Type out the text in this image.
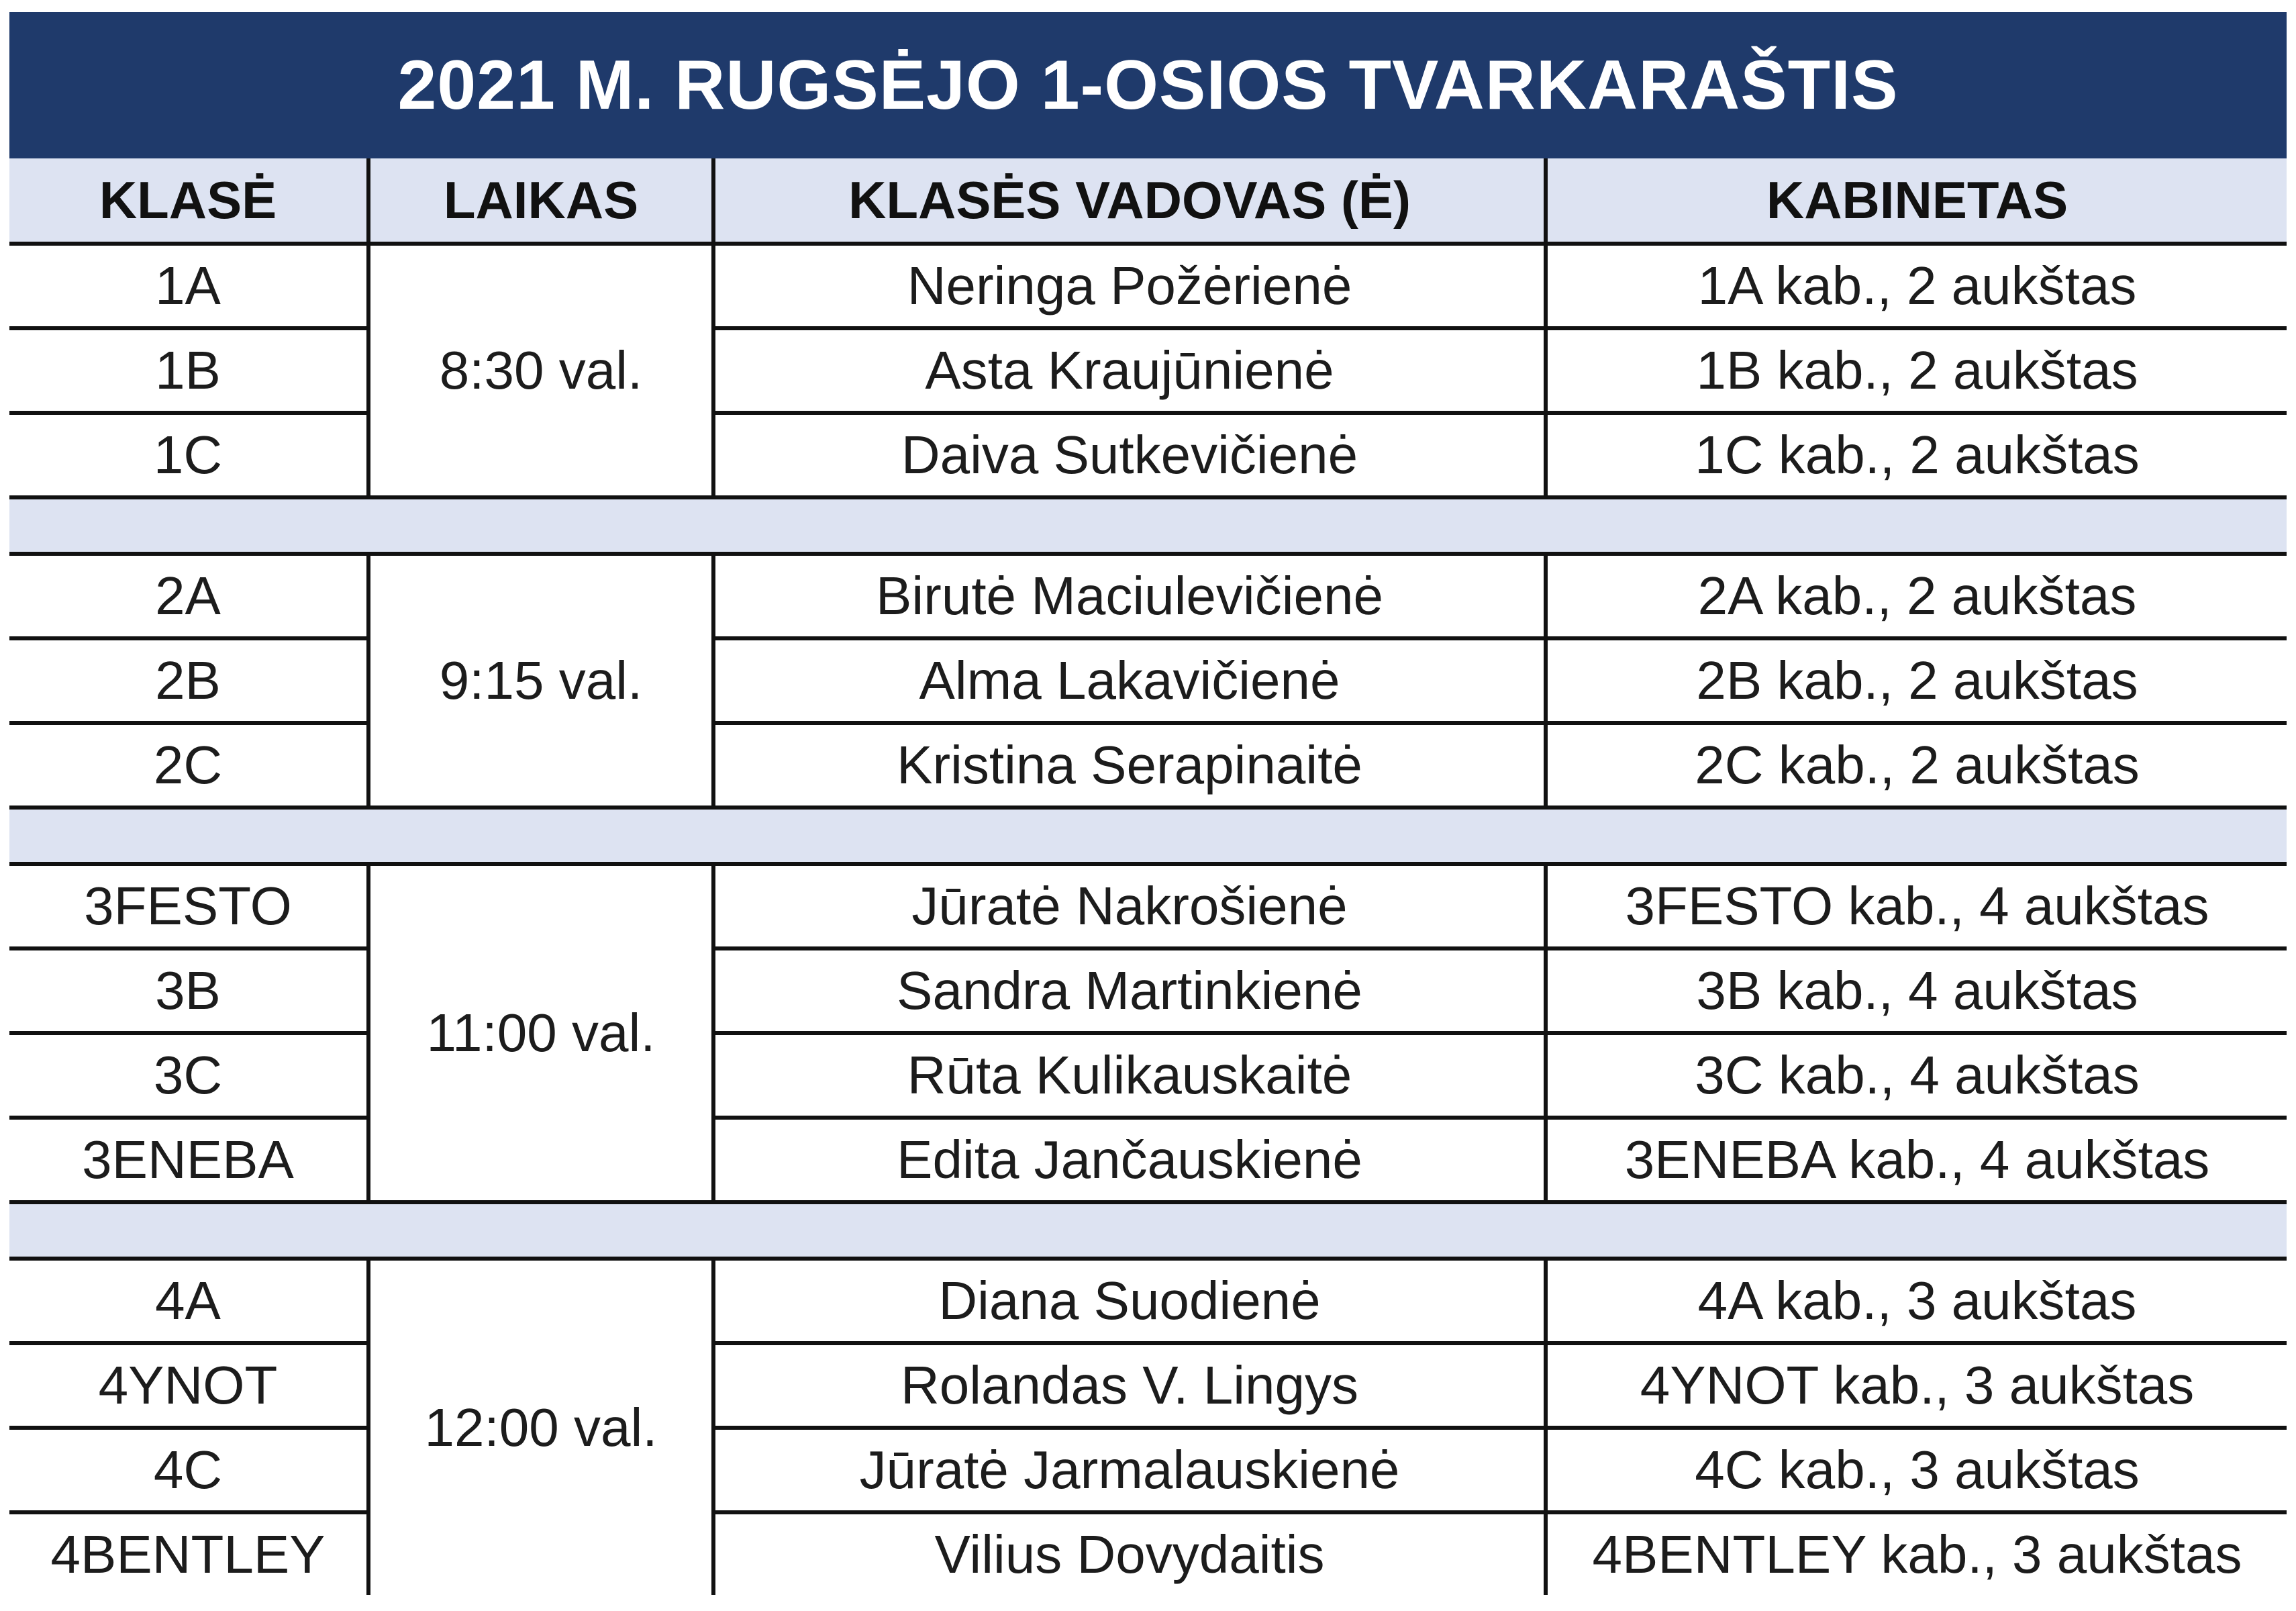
2021 M. RUGSĖJO 1-OSIOS TVARKARAŠTIS
KLASĖ	LAIKAS	KLASĖS VADOVAS (Ė)	KABINETAS
1A	8:30 val.	Neringa Požėrienė	1A kab., 2 aukštas
1B		Asta Kraujūnienė	1B kab., 2 aukštas
1C		Daiva Sutkevičienė	1C kab., 2 aukštas

2A	9:15 val.	Birutė Maciulevičienė	2A kab., 2 aukštas
2B		Alma Lakavičienė	2B kab., 2 aukštas
2C		Kristina Serapinaitė	2C kab., 2 aukštas

3FESTO	11:00 val.	Jūratė Nakrošienė	3FESTO kab., 4 aukštas
3B		Sandra Martinkienė	3B kab., 4 aukštas
3C		Rūta Kulikauskaitė	3C kab., 4 aukštas
3ENEBA		Edita Jančauskienė	3ENEBA kab., 4 aukštas

4A	12:00 val.	Diana Suodienė	4A kab., 3 aukštas
4YNOT		Rolandas V. Lingys	4YNOT kab., 3 aukštas
4C		Jūratė Jarmalauskienė	4C kab., 3 aukštas
4BENTLEY		Vilius Dovydaitis	4BENTLEY kab., 3 aukštas
